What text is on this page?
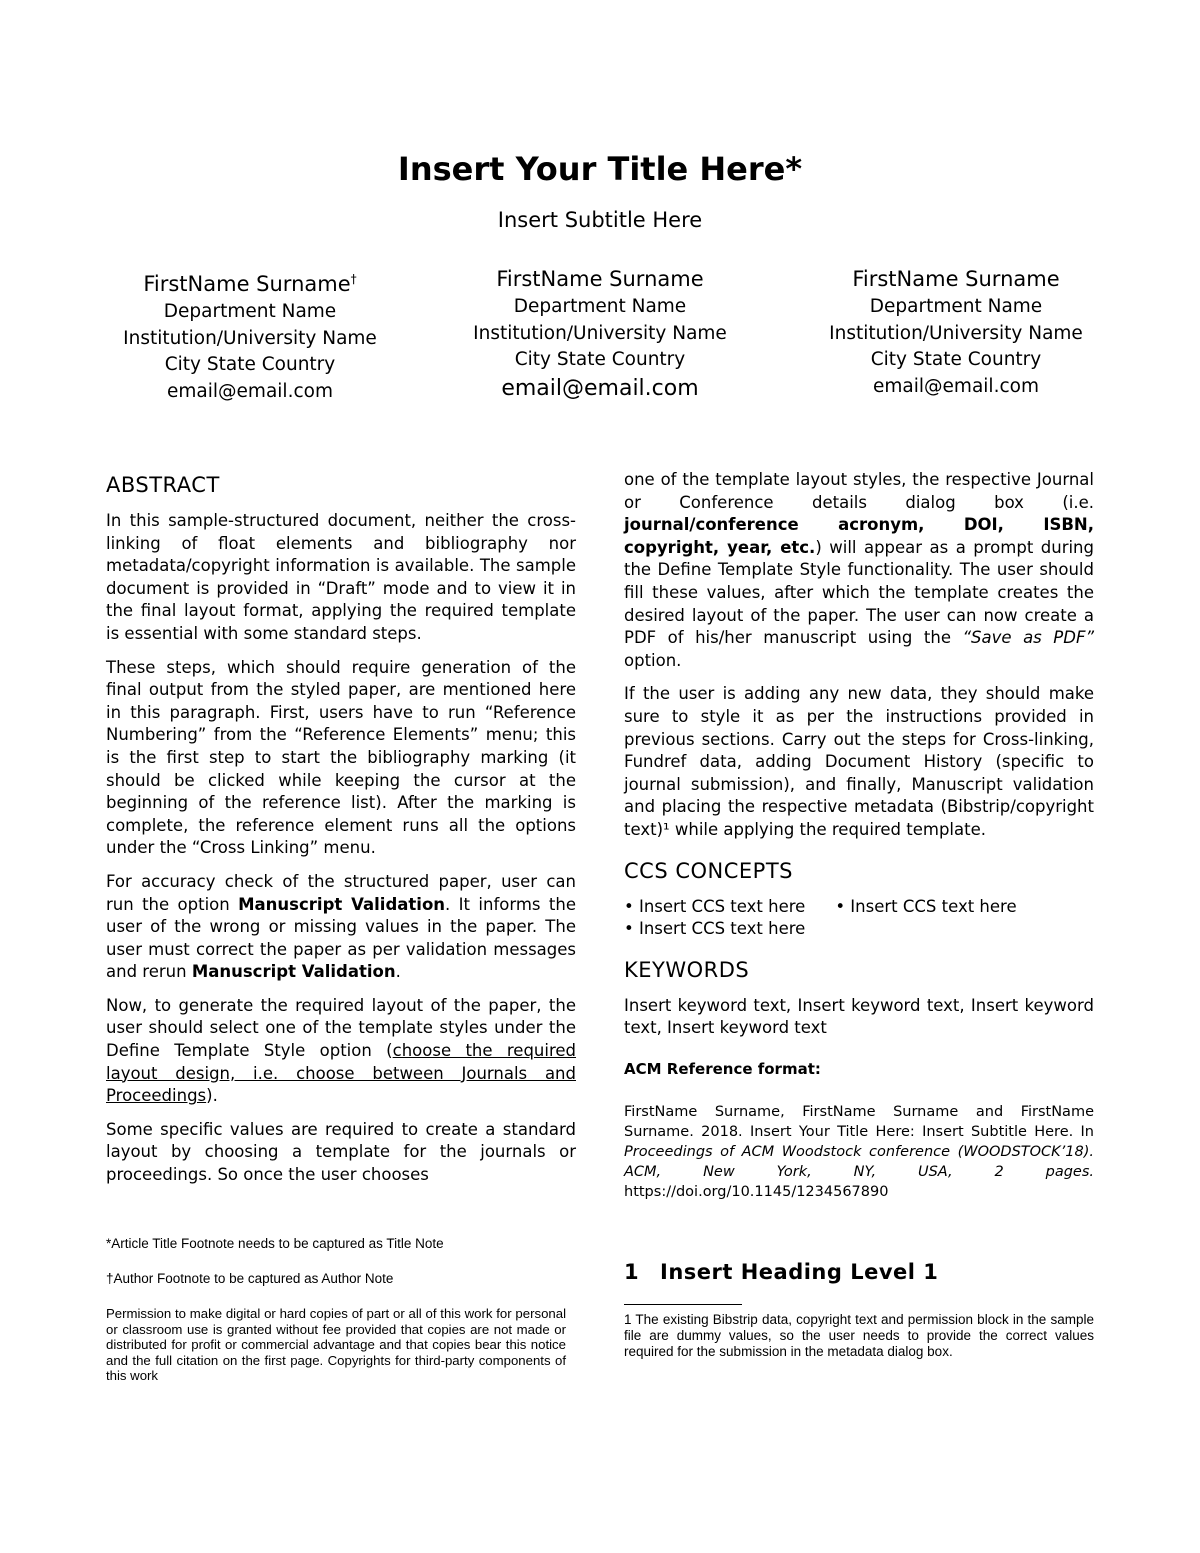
Insert Your Title Here*
Insert Subtitle Here
FirstName Surname†
Department Name
Institution/University Name
City State Country
email@email.com
FirstName Surname
Department Name
Institution/University Name
City State Country
email@email.com
FirstName Surname
Department Name
Institution/University Name
City State Country
email@email.com
ABSTRACT

In this sample-structured document, neither the cross-linking of float elements and bibliography nor metadata/copyright information is available. The sample document is provided in “Draft” mode and to view it in the final layout format, applying the required template is essential with some standard steps.

These steps, which should require generation of the final output from the styled paper, are mentioned here in this paragraph. First, users have to run “Reference Numbering” from the “Reference Elements” menu; this is the first step to start the bibliography marking (it should be clicked while keeping the cursor at the beginning of the reference list). After the marking is complete, the reference element runs all the options under the “Cross Linking” menu.

For accuracy check of the structured paper, user can run the option Manuscript Validation. It informs the user of the wrong or missing values in the paper. The user must correct the paper as per validation messages and rerun Manuscript Validation.

Now, to generate the required layout of the paper, the user should select one of the template styles under the Define Template Style option (choose the required layout design, i.e. choose between Journals and Proceedings).

Some specific values are required to create a standard layout by choosing a template for the journals or proceedings. So once the user chooses

*Article Title Footnote needs to be captured as Title Note

†Author Footnote to be captured as Author Note

Permission to make digital or hard copies of part or all of this work for personal or classroom use is granted without fee provided that copies are not made or distributed for profit or commercial advantage and that copies bear this notice and the full citation on the first page. Copyrights for third-party components of this work

one of the template layout styles, the respective Journal or Conference details dialog box (i.e. journal/conference acronym, DOI, ISBN, copyright, year, etc.) will appear as a prompt during the Define Template Style functionality. The user should fill these values, after which the template creates the desired layout of the paper. The user can now create a PDF of his/her manuscript using the “Save as PDF” option.

If the user is adding any new data, they should make sure to style it as per the instructions provided in previous sections. Carry out the steps for Cross-linking, Fundref data, adding Document History (specific to journal submission), and finally, Manuscript validation and placing the respective metadata (Bibstrip/copyright text)¹ while applying the required template.

CCS CONCEPTS
• Insert CCS text here • Insert CCS text here
• Insert CCS text here
KEYWORDS

Insert keyword text, Insert keyword text, Insert keyword text, Insert keyword text

ACM Reference format:

FirstName Surname, FirstName Surname and FirstName Surname. 2018. Insert Your Title Here: Insert Subtitle Here. In Proceedings of ACM Woodstock conference (WOODSTOCK’18). ACM, New York, NY, USA, 2 pages. https://doi.org/10.1145/1234567890

1 Insert Heading Level 1

1 The existing Bibstrip data, copyright text and permission block in the sample file are dummy values, so the user needs to provide the correct values required for the submission in the metadata dialog box.
